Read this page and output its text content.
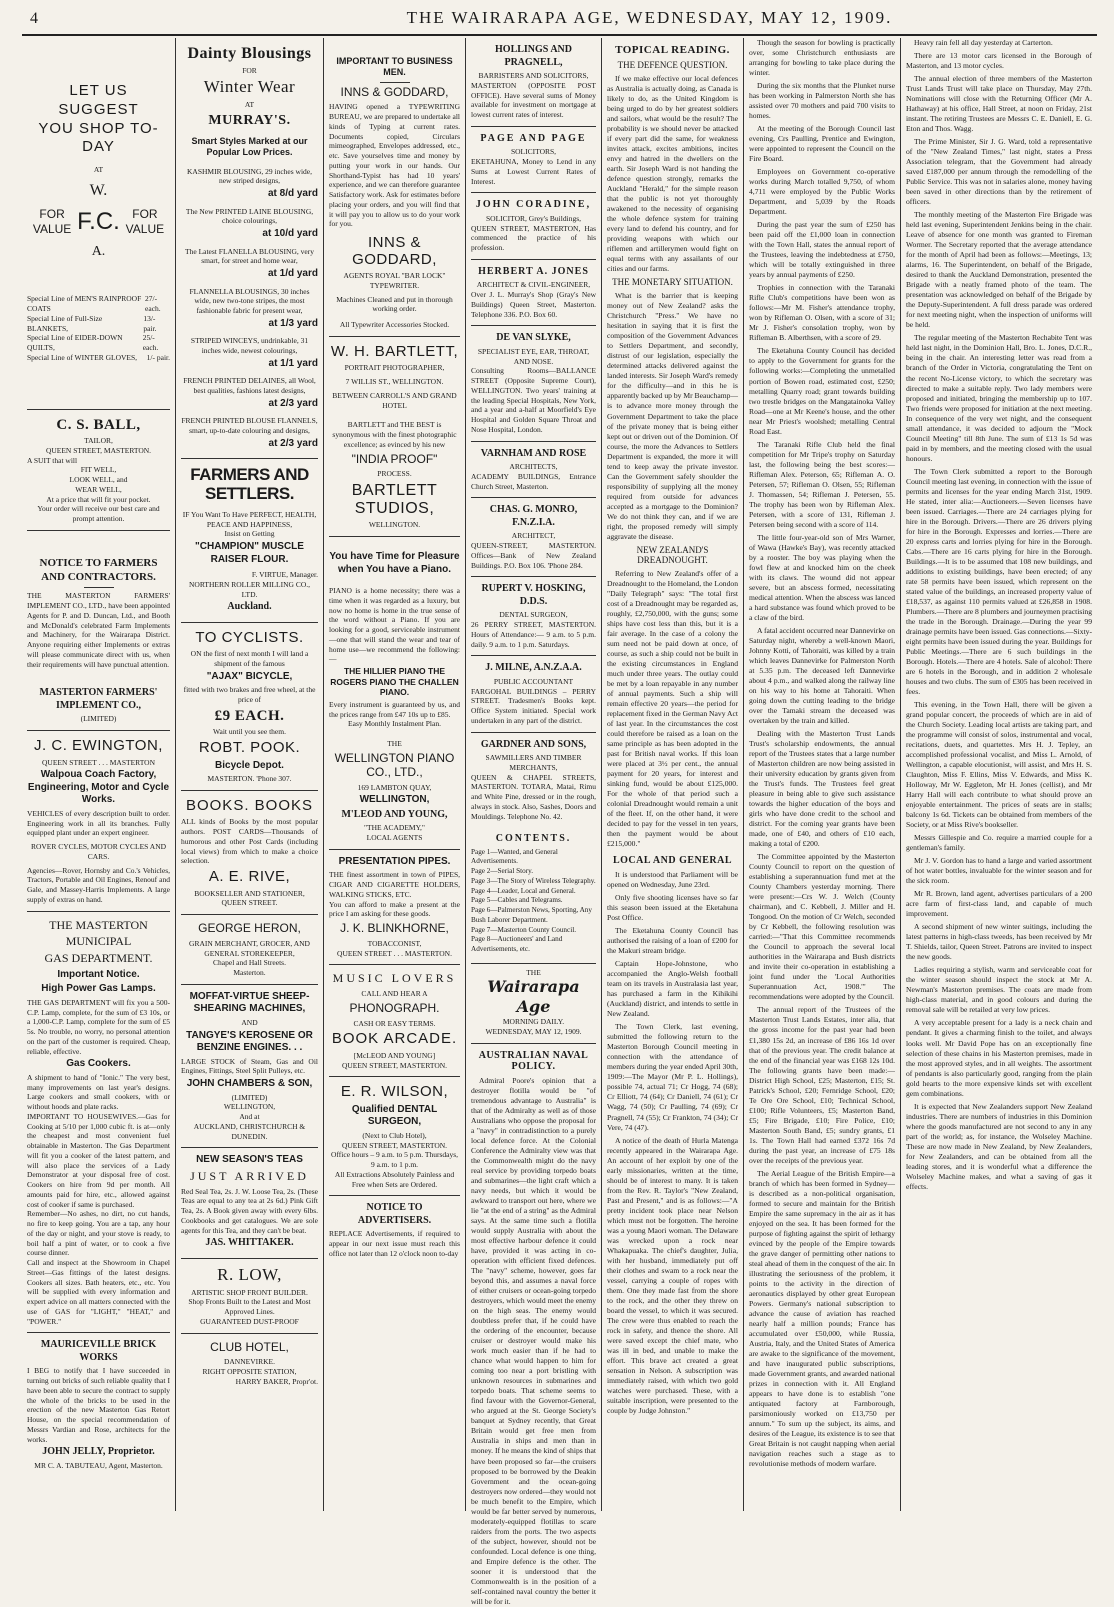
4	THE WAIRARAPA AGE, WEDNESDAY, MAY 12, 1909.
LET US SUGGEST
YOU SHOP TO-DAY
AT
W.
FOR VALUE F. C.	FOR VALUE
A.
Special Line of MEN'S RAINPROOF COATS
27/- each.
Special Line of Full-Size BLANKETS,
13/- pair.
Special Line of EIDER-DOWN QUILTS,
25/- each.
Special Line of WINTER GLOVES, 1/- pair.
C. S. BALL,
TAILOR,
QUEEN STREET, MASTERTON.
A SUIT that will
FIT WELL,
LOOK WELL, and
WEAR WELL,
At a price that will fit your pocket.
Your order will receive our best care and prompt attention.
NOTICE TO FARMERS AND CONTRACTORS.
THE MASTERTON FARMERS' IMPLEMENT CO., LTD., have been appointed Agents for P. and D. Duncan, Ltd., and Booth and McDonald's celebrated Farm Implements and Machinery, for the Wairarapa District. Anyone requiring either Implements or extras will please communicate direct with us, when their requirements will have punctual attention.
MASTERTON FARMERS' IMPLEMENT CO.,
(LIMITED)
J. C. EWINGTON,
QUEEN STREET . . . MASTERTON
Walpoua Coach Factory, Engineering, Motor and Cycle Works.
VEHICLES of every description built to order. Engineering work in all its branches. Fully equipped plant under an expert engineer.
ROVER CYCLES, MOTOR CYCLES AND CARS.
Agencies—Rover, Hornsby and Co.'s Vehicles, Tractors, Portable and Oil Engines, Renouf and Gale, and Massey-Harris Implements. A large supply of extras on hand.
THE MASTERTON
MUNICIPAL
GAS DEPARTMENT.
Important Notice.
High Power Gas Lamps.
THE GAS DEPARTMENT will fix you a 500-C.P. Lamp, complete, for the sum of £3 10s, or a 1,000-C.P. Lamp, complete for the sum of £5 5s. No trouble, no worry, no personal attention on the part of the customer is required. Cheap, reliable, effective.
Gas Cookers.
A shipment to hand of "Ionic." The very best, many improvements on last year's designs. Large cookers and small cookers, with or without hoods and plate racks.
IMPORTANT TO HOUSEWIVES.—Gas for Cooking at 5/10 per 1,000 cubic ft. is at—only the cheapest and most convenient fuel obtainable in Masterton. The Gas Department will fit you a cooker of the latest pattern, and will also place the services of a Lady Demonstrator at your disposal free of cost. Cookers on hire from 9d per month. All amounts paid for hire, etc., allowed against cost of cooker if same is purchased.
Remember—No ashes, no dirt, no cut hands, no fire to keep going. You are a tap, any hour of the day or night, and your stove is ready, to boil half a pint of water, or to cook a five course dinner.
Call and inspect at the Showroom in Chapel Street—Gas fittings of the latest designs. Cookers all sizes. Bath heaters, etc., etc. You will be supplied with every information and expert advice on all matters connected with the use of GAS for "LIGHT," "HEAT," and "POWER."
MAURICEVILLE BRICK WORKS
I BEG to notify that I have succeeded in turning out bricks of such reliable quality that I have been able to secure the contract to supply the whole of the bricks to be used in the erection of the new Masterton Gas Retort House, on the special recommendation of Messrs Vardian and Rose, architects for the works.
JOHN JELLY, Proprietor.
MR C. A. TABUTEAU, Agent, Masterton.
Dainty Blousings
FOR
Winter Wear
AT
MURRAY'S.
Smart Styles Marked at our Popular Low Prices.
KASHMIR BLOUSING, 29 inches wide, new striped designs,
at 8/d yard
The New PRINTED LAINE BLOUSING, choice colourings,
at 10/d yard
The Latest FLANELLA BLOUSING, very smart, for street and home wear,
at 1/d yard
FLANNELLA BLOUSINGS, 30 inches wide, new two-tone stripes, the most fashionable fabric for present wear,
at 1/3 yard
STRIPED WINCEYS, undrinkable, 31 inches wide, newest colourings,
at 1/1 yard
FRENCH PRINTED DELAINES, all Wool, best qualities, fashions latest designs,
at 2/3 yard
FRENCH PRINTED BLOUSE FLANNELS, smart, up-to-date colouring and designs,
at 2/3 yard
FARMERS AND SETTLERS.
IF You Want To Have PERFECT, HEALTH, PEACE AND HAPPINESS,
Insist on Getting
"CHAMPION" MUSCLE RAISER FLOUR.
F. VIRTUE, Manager.
NORTHERN ROLLER MILLING CO., LTD.
Auckland.
TO CYCLISTS.
ON the first of next month I will land a shipment of the famous
"AJAX" BICYCLE,
fitted with two brakes and free wheel, at the price of
£9 EACH.
Wait until you see them.
ROBT. POOK.
Bicycle Depot.
MASTERTON. 'Phone 307.
BOOKS. BOOKS
ALL kinds of Books by the most popular authors. POST CARDS—Thousands of humorous and other Post Cards (including local views) from which to make a choice selection.
A. E. RIVE,
BOOKSELLER AND STATIONER,
QUEEN STREET.
GEORGE HERON,
GRAIN MERCHANT, GROCER, AND GENERAL STOREKEEPER,
Chapel and Hall Streets.
Masterton.
MOFFAT-VIRTUE SHEEP-SHEARING MACHINES,
AND
TANGYE'S KEROSENE OR BENZINE ENGINES. . .
LARGE STOCK of Steam, Gas and Oil Engines, Fittings, Steel Split Pulleys, etc.
JOHN CHAMBERS & SON,
(LIMITED)
WELLINGTON,
And at
AUCKLAND, CHRISTCHURCH & DUNEDIN.
NEW SEASON'S TEAS
JUST ARRIVED
Red Seal Tea, 2s. J. W. Loose Tea, 2s. (These Teas are equal to any tea at 2s 6d.) Pink Gift Tea, 2s. A Book given away with every 6lbs. Cookbooks and get catalogues. We are sole agents for this Tea, and they can't be beat.
JAS. WHITTAKER.
R. LOW,
ARTISTIC SHOP FRONT BUILDER.
Shop Fronts Built to the Latest and Most Approved Lines.
GUARANTEED DUST-PROOF
CLUB HOTEL,
DANNEVIRKE.
RIGHT OPPOSITE STATION,
HARRY BAKER, Propr'ot.
IMPORTANT TO BUSINESS MEN.
INNS & GODDARD,
HAVING opened a TYPEWRITING BUREAU, we are prepared to undertake all kinds of Typing at current rates. Documents copied, Circulars mimeographed, Envelopes addressed, etc., etc. Save yourselves time and money by putting your work in our hands. Our Shorthand-Typist has had 10 years' experience, and we can therefore guarantee Satisfactory work. Ask for estimates before placing your orders, and you will find that it will pay you to allow us to do your work for you.
INNS & GODDARD,
AGENTS ROYAL "BAR LOCK" TYPEWRITER.
Machines Cleaned and put in thorough working order.
All Typewriter Accessories Stocked.
W. H. BARTLETT,
PORTRAIT PHOTOGRAPHER,
7 WILLIS ST., WELLINGTON.
BETWEEN CARROLL'S AND GRAND HOTEL
BARTLETT and THE BEST is synonymous with the finest photographic excellence; as evinced by his new
"INDIA PROOF"
PROCESS.
BARTLETT STUDIOS,
WELLINGTON.
You have Time for Pleasure when You have a Piano.
PIANO is a home necessity; there was a time when it was regarded as a luxury, but now no home is home in the true sense of the word without a Piano. If you are looking for a good, serviceable instrument—one that will stand the wear and tear of home use—we recommend the following:—
THE HILLIER PIANO THE ROGERS PIANO THE CHALLEN PIANO.
Every instrument is guaranteed by us, and the prices range from £47 10s up to £85.
Easy Monthly Instalment Plan.
THE
WELLINGTON PIANO CO., LTD.,
169 LAMBTON QUAY,
WELLINGTON,
M'LEOD AND YOUNG,
"THE ACADEMY,"
LOCAL AGENTS
PRESENTATION PIPES.
THE finest assortment in town of PIPES, CIGAR AND CIGARETTE HOLDERS, WALKING STICKS, ETC.
You can afford to make a present at the price I am asking for these goods.
J. K. BLINKHORNE,
TOBACCONIST,
QUEEN STREET . . . MASTERTON.
MUSIC LOVERS
CALL AND HEAR A
PHONOGRAPH.
CASH OR EASY TERMS.
BOOK ARCADE.
[McLEOD AND YOUNG]
QUEEN STREET, MASTERTON.
E. R. WILSON,
Qualified DENTAL SURGEON,
(Next to Club Hotel),
QUEEN STREET, MASTERTON.
Office hours – 9 a.m. to 5 p.m. Thursdays, 9 a.m. to 1 p.m.
All Extractions Absolutely Painless and Free when Sets are Ordered.
NOTICE TO ADVERTISERS.
REPLACE Advertisements, if required to appear in our next issue must reach this office not later than 12 o'clock noon to-day
HOLLINGS AND PRAGNELL,
BARRISTERS AND SOLICITORS,
MASTERTON (OPPOSITE POST OFFICE). Have several sums of Money available for investment on mortgage at lowest current rates of interest.
PAGE AND PAGE
SOLICITORS,
EKETAHUNA, Money to Lend in any Sums at Lowest Current Rates of Interest.
JOHN CORADINE,
SOLICITOR, Grey's Buildings,
QUEEN STREET, MASTERTON, Has commenced the practice of his profession.
HERBERT A. JONES
ARCHITECT & CIVIL-ENGINEER,
Over J. L. Murray's Shop (Gray's New Buildings) Queen Street, Masterton. Telephone 336. P.O. Box 60.
DE VAN SLYKE,
SPECIALIST EYE, EAR, THROAT, AND NOSE.
Consulting Rooms—BALLANCE STREET (Opposite Supreme Court), WELLINGTON. Two years' training at the leading Special Hospitals, New York, and a year and a-half at Moorfield's Eye Hospital and Golden Square Throat and Nose Hospital, London.
VARNHAM AND ROSE
ARCHITECTS,
ACADEMY BUILDINGS, Entrance Church Street, Masterton.
CHAS. G. MONRO, F.N.Z.I.A.
ARCHITECT,
QUEEN-STREET, MASTERTON. Offices—Bank of New Zealand Buildings. P.O. Box 106. 'Phone 284.
RUPERT V. HOSKING, D.D.S.
DENTAL SURGEON,
26 PERRY STREET, MASTERTON. Hours of Attendance:— 9 a.m. to 5 p.m. daily. 9 a.m. to 1 p.m. Saturdays.
J. MILNE, A.N.Z.A.A.
PUBLIC ACCOUNTANT
FARGOHAL BUILDINGS – PERRY STREET. Tradesmen's Books kept. Office System initiated. Special work undertaken in any part of the district.
GARDNER AND SONS,
SAWMILLERS AND TIMBER MERCHANTS,
QUEEN & CHAPEL STREETS, MASTERTON. TOTARA, Matai, Rimu and White Pine, dressed or in the rough, always in stock. Also, Sashes, Doors and Mouldings. Telephone No. 42.
CONTENTS.
Page 1—Wanted, and General Advertisements.
Page 2—Serial Story.
Page 3—The Story of Wireless Telegraphy.
Page 4—Leader, Local and General.
Page 5—Cables and Telegrams.
Page 6—Palmerston News, Sporting, Any Bush Laborer Department.
Page 7—Masterton County Council.
Page 8—Auctioneers' and Land Advertisements, etc.
THE
Wairarapa Age
MORNING DAILY.
WEDNESDAY, MAY 12, 1909.
AUSTRALIAN NAVAL POLICY.

Admiral Poore's opinion that a destroyer flotilla would be "of tremendous advantage to Australia" is that of the Admiralty as well as of those Australians who oppose the proposal for a "navy" in contradistinction to a purely local defence force. At the Colonial Conference the Admiralty view was that the Commonwealth might do the navy real service by providing torpedo boats and submarines—the light craft which a navy needs, but which it would be awkward to transport out here, where we lie "at the end of a string" as the Admiral says. At the same time such a flotilla would supply Australia with about the most effective harbour defence it could have, provided it was acting in co-operation with efficient fixed defences. The "navy" scheme, however, goes far beyond this, and assumes a naval force of either cruisers or ocean-going torpedo destroyers, which would meet the enemy on the high seas. The enemy would doubtless prefer that, if he could have the ordering of the encounter, because cruiser or destroyer would make his work much easier than if he had to chance what would happen to him for coming too near a port bristling with unknown resources in submarines and torpedo boats. That scheme seems to find favour with the Governor-General, who argued at the St. George Society's banquet at Sydney recently, that Great Britain would get free men from Australia in ships and men than in money. If he means the kind of ships that have been proposed so far—the cruisers proposed to be borrowed by the Deakin Government and the ocean-going destroyers now ordered—they would not be much benefit to the Empire, which would be far better served by numerous, moderately-equipped flotillas to scare raiders from the ports. The two aspects of the subject, however, should not be confounded. Local defence is one thing, and Empire defence is the other. The sooner it is understood that the Commonwealth is in the position of a self-contained naval country the better it will be for it.

TOPICAL READING.
THE DEFENCE QUESTION.

If we make effective our local defences as Australia is actually doing, as Canada is likely to do, as the United Kingdom is being urged to do by her greatest soldiers and sailors, what would be the result? The probability is we should never be attacked if every part did the same, for weakness invites attack, excites ambitions, incites envy and hatred in the dwellers on the earth. Sir Joseph Ward is not handing the defence question strongly, remarks the Auckland "Herald," for the simple reason that the public is not yet thoroughly awakened to the necessity of organising the whole defence system for training every land to defend his country, and for providing weapons with which our riflemen and artillerymen would fight on equal terms with any assailants of our cities and our farms.

THE MONETARY SITUATION.

What is the barrier that is keeping money out of New Zealand? asks the Christchurch "Press." We have no hesitation in saying that it is first the composition of the Government Advances to Settlers Department, and secondly, distrust of our legislation, especially the determined attacks delivered against the landed interests. Sir Joseph Ward's remedy for the difficulty—and in this he is apparently backed up by Mr Beauchamp—is to advance more money through the Government Department to take the place of the private money that is being either kept out or driven out of the Dominion. Of course, the more the Advances to Settlers Department is expanded, the more it will tend to keep away the private investor. Can the Government safely shoulder the responsibility of supplying all the money required from outside for advances accepted as a mortgage to the Dominion? We do not think they can, and if we are right, the proposed remedy will simply aggravate the disease.

NEW ZEALAND'S DREADNOUGHT.

Referring to New Zealand's offer of a Dreadnought to the Homeland, the London "Daily Telegraph" says: "The total first cost of a Dreadnought may be regarded as, roughly, £2,750,000, with the guns; some ships have cost less than this, but it is a fair average. In the case of a colony the sum need not be paid down at once, of course, as such a ship could not be built in the existing circumstances in England much under three years. The outlay could be met by a loan repayable in any number of annual payments. Such a ship will remain effective 20 years—the period for replacement fixed in the German Navy Act of last year. In the circumstances the cost could therefore be raised as a loan on the same principle as has been adopted in the past for British naval works. If this loan were placed at 3½ per cent., the annual payment for 20 years, for interest and sinking fund, would be about £125,000. For the whole of that period such a colonial Dreadnought would remain a unit of the fleet. If, on the other hand, it were decided to pay for the vessel in ten years, then the payment would be about £215,000."

LOCAL AND GENERAL

It is understood that Parliament will be opened on Wednesday, June 23rd.

Only five shooting licenses have so far this season been issued at the Eketahuna Post Office.

The Eketahuna County Council has authorised the raising of a loan of £200 for the Makuri stream bridge.

Captain Hope-Johnstone, who accompanied the Anglo-Welsh football team on its travels in Australasia last year, has purchased a farm in the Kihikihi (Auckland) district, and intends to settle in New Zealand.

The Town Clerk, last evening, submitted the following return to the Masterton Borough Council meeting in connection with the attendance of members during the year ended April 30th, 1909:—The Mayor (Mr P. L. Hollings), possible 74, actual 71; Cr Hogg, 74 (68); Cr Elliott, 74 (64); Cr Daniell, 74 (61); Cr Wagg, 74 (50); Cr Paulling, 74 (69); Cr Pragnell, 74 (55); Cr Frankton, 74 (34); Cr Vere, 74 (47).

A notice of the death of Hurla Matenga recently appeared in the Wairarapa Age. An account of her exploit by one of the early missionaries, written at the time, should be of interest to many. It is taken from the Rev. R. Taylor's "New Zealand, Past and Present," and is as follows:—"A pretty incident took place near Nelson which must not be forgotten. The heroine was a young Maori woman. The Delaware was wrecked upon a rock near Whakapuaka. The chief's daughter, Julia, with her husband, immediately put off their clothes and swam to a rock near the vessel, carrying a couple of ropes with them. One they made fast from the shore to the rock, and the other they threw on board the vessel, to which it was secured. The crew were thus enabled to reach the rock in safety, and thence the shore. All were saved except the chief mate, who was ill in bed, and unable to make the effort. This brave act created a great sensation in Nelson. A subscription was immediately raised, with which two gold watches were purchased. These, with a suitable inscription, were presented to the couple by Judge Johnston."

Though the season for bowling is practically over, some Christchurch enthusiasts are arranging for bowling to take place during the winter.

During the six months that the Plunket nurse has been working in Palmerston North she has assisted over 70 mothers and paid 700 visits to homes.

At the meeting of the Borough Council last evening, Crs Paulling, Prentice and Ewington, were appointed to represent the Council on the Fire Board.

Employees on Government co-operative works during March totalled 9,750, of whom 4,711 were employed by the Public Works Department, and 5,039 by the Roads Department.

During the past year the sum of £250 has been paid off the £1,000 loan in connection with the Town Hall, states the annual report of the Trustees, leaving the indebtedness at £750, which will be totally extinguished in three years by annual payments of £250.

Trophies in connection with the Taranaki Rifle Club's competitions have been won as follows:—Mr M. Fisher's attendance trophy, won by Rifleman O. Olsen, with a score of 31; Mr J. Fisher's consolation trophy, won by Rifleman B. Alberthsen, with a score of 29.

The Eketahuna County Council has decided to apply to the Government for grants for the following works:—Completing the unmetalled portion of Bowen road, estimated cost, £250; metalling Quarry road; grant towards building two trestle bridges on the Mangatainoka Valley Road—one at Mr Keene's house, and the other near Mr Priest's woolshed; metalling Central Road East.

The Taranaki Rifle Club held the final competition for Mr Tripe's trophy on Saturday last, the following being the best scores:—Rifleman Alex. Peterson, 65; Rifleman A. O. Petersen, 57; Rifleman O. Olsen, 55; Rifleman J. Thomassen, 54; Rifleman J. Petersen, 55. The trophy has been won by Rifleman Alex. Petersen, with a score of 131, Rifleman J. Petersen being second with a score of 114.

The little four-year-old son of Mrs Warner, of Wawa (Hawke's Bay), was recently attacked by a rooster. The boy was playing when the fowl flew at and knocked him on the cheek with its claws. The wound did not appear severe, but an abscess formed, necessitating medical attention. When the abscess was lanced a hard substance was found which proved to be a claw of the bird.

A fatal accident occurred near Dannevirke on Saturday night, whereby a well-known Maori, Johnny Kotti, of Tahoraiti, was killed by a train which leaves Dannevirke for Palmerston North at 5.35 p.m. The deceased left Dannevirke about 4 p.m., and walked along the railway line on his way to his home at Tahoraiti. When going down the cutting leading to the bridge over the Tamaki stream the deceased was overtaken by the train and killed.

Dealing with the Masterton Trust Lands Trust's scholarship endowments, the annual report of the Trustees states that a large number of Masterton children are now being assisted in their university education by grants given from the Trust's funds. The Trustees feel great pleasure in being able to give such assistance towards the higher education of the boys and girls who have done credit to the school and district. For the coming year grants have been made, one of £40, and others of £10 each, making a total of £200.

The Committee appointed by the Masterton County Council to report on the question of establishing a superannuation fund met at the County Chambers yesterday morning. There were present:—Crs W. J. Welch (County chairman), and C. Kebbell, J. Miller and H. Tongood. On the motion of Cr Welch, seconded by Cr Kebbell, the following resolution was carried:—"That this Committee recommends the Council to approach the several local authorities in the Wairarapa and Bush districts and invite their co-operation in establishing a joint fund under the 'Local Authorities Superannuation Act, 1908.'" The recommendations were adopted by the Council.

The annual report of the Trustees of the Masterton Trust Lands Estates, inter alia, that the gross income for the past year had been £1,380 15s 2d, an increase of £86 16s 1d over that of the previous year. The credit balance at the end of the financial year was £168 12s 10d. The following grants have been made:—District High School, £25; Masterton, £15; St. Patrick's School, £20; Fernridge School, £20; Te Ore Ore School, £10; Technical School, £100; Rifle Volunteers, £5; Masterton Band, £5; Fire Brigade, £10; Fire Police, £10; Masterton South Band, £5; sundry grants, £1 1s. The Town Hall had earned £372 16s 7d during the past year, an increase of £75 18s over the receipts of the previous year.

The Aerial League of the British Empire—a branch of which has been formed in Sydney—is described as a non-political organisation, formed to secure and maintain for the British Empire the same supremacy in the air as it has enjoyed on the sea. It has been formed for the purpose of fighting against the spirit of lethargy evinced by the people of the Empire towards the grave danger of permitting other nations to steal ahead of them in the conquest of the air. In illustrating the seriousness of the problem, it points to the activity in the direction of aeronautics displayed by other great European Powers. Germany's national subscription to advance the cause of aviation has reached nearly half a million pounds; France has accumulated over £50,000, while Russia, Austria, Italy, and the United States of America are awake to the significance of the movement, and have inaugurated public subscriptions, made Government grants, and awarded national prizes in connection with it. All England appears to have done is to establish "one antiquated factory at Farnborough, parsimoniously worked on £13,750 per annum." To sum up the subject, its aims, and desires of the League, its existence is to see that Great Britain is not caught napping when aerial navigation reaches such a stage as to revolutionise methods of modern warfare.

Heavy rain fell all day yesterday at Carterton.

There are 13 motor cars licensed in the Borough of Masterton, and 13 motor cycles.

The annual election of three members of the Masterton Trust Lands Trust will take place on Thursday, May 27th. Nominations will close with the Returning Officer (Mr A. Hathaway) at his office, Hall Street, at noon on Friday, 21st instant. The retiring Trustees are Messrs C. E. Daniell, E. G. Eton and Thos. Wagg.

The Prime Minister, Sir J. G. Ward, told a representative of the "New Zealand Times," last night, states a Press Association telegram, that the Government had already saved £187,000 per annum through the remodelling of the Public Service. This was not in salaries alone, money having been saved in other directions than by the retirement of officers.

The monthly meeting of the Masterton Fire Brigade was held last evening, Superintendent Jenkins being in the chair. Leave of absence for one month was granted to Fireman Wormer. The Secretary reported that the average attendance for the month of April had been as follows:—Meetings, 13; alarms, 16. The Superintendent, on behalf of the Brigade, desired to thank the Auckland Demonstration, presented the Brigade with a neatly framed photo of the team. The presentation was acknowledged on behalf of the Brigade by the Deputy-Superintendent. A full dress parade was ordered for next meeting night, when the inspection of uniforms will be held.

The regular meeting of the Masterton Rechabite Tent was held last night, in the Dominion Hall, Bro. L. Jones, D.C.R., being in the chair. An interesting letter was read from a branch of the Order in Victoria, congratulating the Tent on the recent No-License victory, to which the secretary was directed to make a suitable reply. Two lady members were proposed and initiated, bringing the membership up to 107. Two friends were proposed for initiation at the next meeting. In consequence of the very wet night, and the consequent small attendance, it was decided to adjourn the "Mock Council Meeting" till 8th June. The sum of £13 1s 5d was paid in by members, and the meeting closed with the usual honours.

The Town Clerk submitted a report to the Borough Council meeting last evening, in connection with the issue of permits and licenses for the year ending March 31st, 1909. He stated, inter alia:—Auctioneers.—Seven licenses have been issued. Carriages.—There are 24 carriages plying for hire in the Borough. Drivers.—There are 26 drivers plying for hire in the Borough. Expresses and lorries.—There are 20 express carts and lorries plying for hire in the Borough. Cabs.—There are 16 carts plying for hire in the Borough. Buildings.—It is to be assumed that 108 new buildings, and additions to existing buildings, have been erected; of any rate 58 permits have been issued, which represent on the stated value of the buildings, an increased property value of £18,537, as against 110 permits valued at £26,858 in 1908. Plumbers.—There are 8 plumbers and journeymen practising the trade in the Borough. Drainage.—During the year 99 drainage permits have been issued. Gas connections.—Sixty-eight permits have been issued during the year. Buildings for Public Meetings.—There are 6 such buildings in the Borough. Hotels.—There are 4 hotels. Sale of alcohol: There are 6 hotels in the Borough, and in addition 2 wholesale houses and two clubs. The sum of £305 has been received in fees.

This evening, in the Town Hall, there will be given a grand popular concert, the proceeds of which are in aid of the Church Society. Leading local artists are taking part, and the programme will consist of solos, instrumental and vocal, recitations, duets, and quartettes. Mrs H. J. Tepley, an accomplished professional vocalist, and Miss L. Arnold, of Wellington, a capable elocutionist, will assist, and Mrs H. S. Claughton, Miss F. Ellins, Miss V. Edwards, and Miss K. Holloway, Mr W. Eggleton, Mr H. Jones (cellist), and Mr Harry Hall will each contribute to what should prove an enjoyable entertainment. The prices of seats are in stalls; balcony 1s 6d. Tickets can be obtained from members of the Society, or at Miss Rive's bookseller.

Messrs Gillespie and Co. require a married couple for a gentleman's family.

Mr J. V. Gordon has to hand a large and varied assortment of hot water bottles, invaluable for the winter season and for the sick room.

Mr R. Brown, land agent, advertises particulars of a 200 acre farm of first-class land, and capable of much improvement.

A second shipment of new winter suitings, including the latest patterns in high-class tweeds, has been received by Mr T. Shields, tailor, Queen Street. Patrons are invited to inspect the new goods.

Ladies requiring a stylish, warm and serviceable coat for the winter season should inspect the stock at Mr A. Newman's Masterton premises. The coats are made from high-class material, and in good colours and during the removal sale will be retailed at very low prices.

A very acceptable present for a lady is a neck chain and pendant. It gives a charming finish to the toilet, and always looks well. Mr David Pope has on an exceptionally fine selection of these chains in his Masterton premises, made in the most approved styles, and in all weights. The assortment of pendants is also particularly good, ranging from the plain gold hearts to the more expensive kinds set with excellent gem combinations.

It is expected that New Zealanders support New Zealand industries. There are numbers of industries in this Dominion where the goods manufactured are not second to any in any part of the world; as, for instance, the Wolseley Machine. These are now made in New Zealand, by New Zealanders, for New Zealanders, and can be obtained from all the leading stores, and it is wonderful what a difference the Wolseley Machine makes, and what a saving of gas it effects.
